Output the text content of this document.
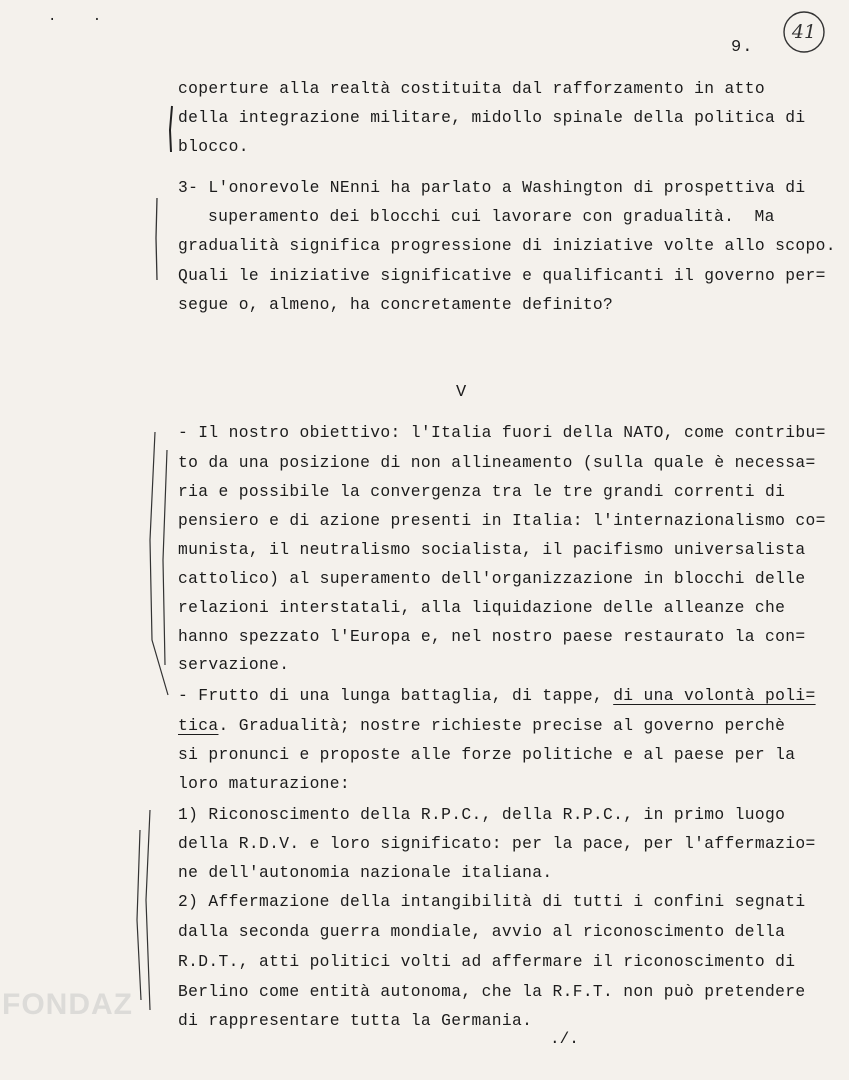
· ·
41
9.
coperture alla realtà costituita dal rafforzamento in atto
della integrazione militare, midollo spinale della politica di
blocco.
3- L'onorevole NEnni ha parlato a Washington di prospettiva di
superamento dei blocchi cui lavorare con gradualità.  Ma
gradualità significa progressione di iniziative volte allo scopo.
Quali le iniziative significative e qualificanti il governo per=
segue o, almeno, ha concretamente definito?
V
- Il nostro obiettivo: l'Italia fuori della NATO, come contribu=
to da una posizione di non allineamento (sulla quale è necessa=
ria e possibile la convergenza tra le tre grandi correnti di
pensiero e di azione presenti in Italia: l'internazionalismo co=
munista, il neutralismo socialista, il pacifismo universalista
cattolico) al superamento dell'organizzazione in blocchi delle
relazioni interstatali, alla liquidazione delle alleanze che
hanno spezzato l'Europa e, nel nostro paese restaurato la con=
servazione.
- Frutto di una lunga battaglia, di tappe, di una volontà poli=
tica. Gradualità; nostre richieste precise al governo perchè
si pronunci e proposte alle forze politiche e al paese per la
loro maturazione:
1) Riconoscimento della R.P.C., della R.P.C., in primo luogo
della R.D.V. e loro significato: per la pace, per l'affermazio=
ne dell'autonomia nazionale italiana.
2) Affermazione della intangibilità di tutti i confini segnati
dalla seconda guerra mondiale, avvio al riconoscimento della
R.D.T., atti politici volti ad affermare il riconoscimento di
Berlino come entità autonoma, che la R.F.T. non può pretendere
di rappresentare tutta la Germania.
./.
FONDAZ
